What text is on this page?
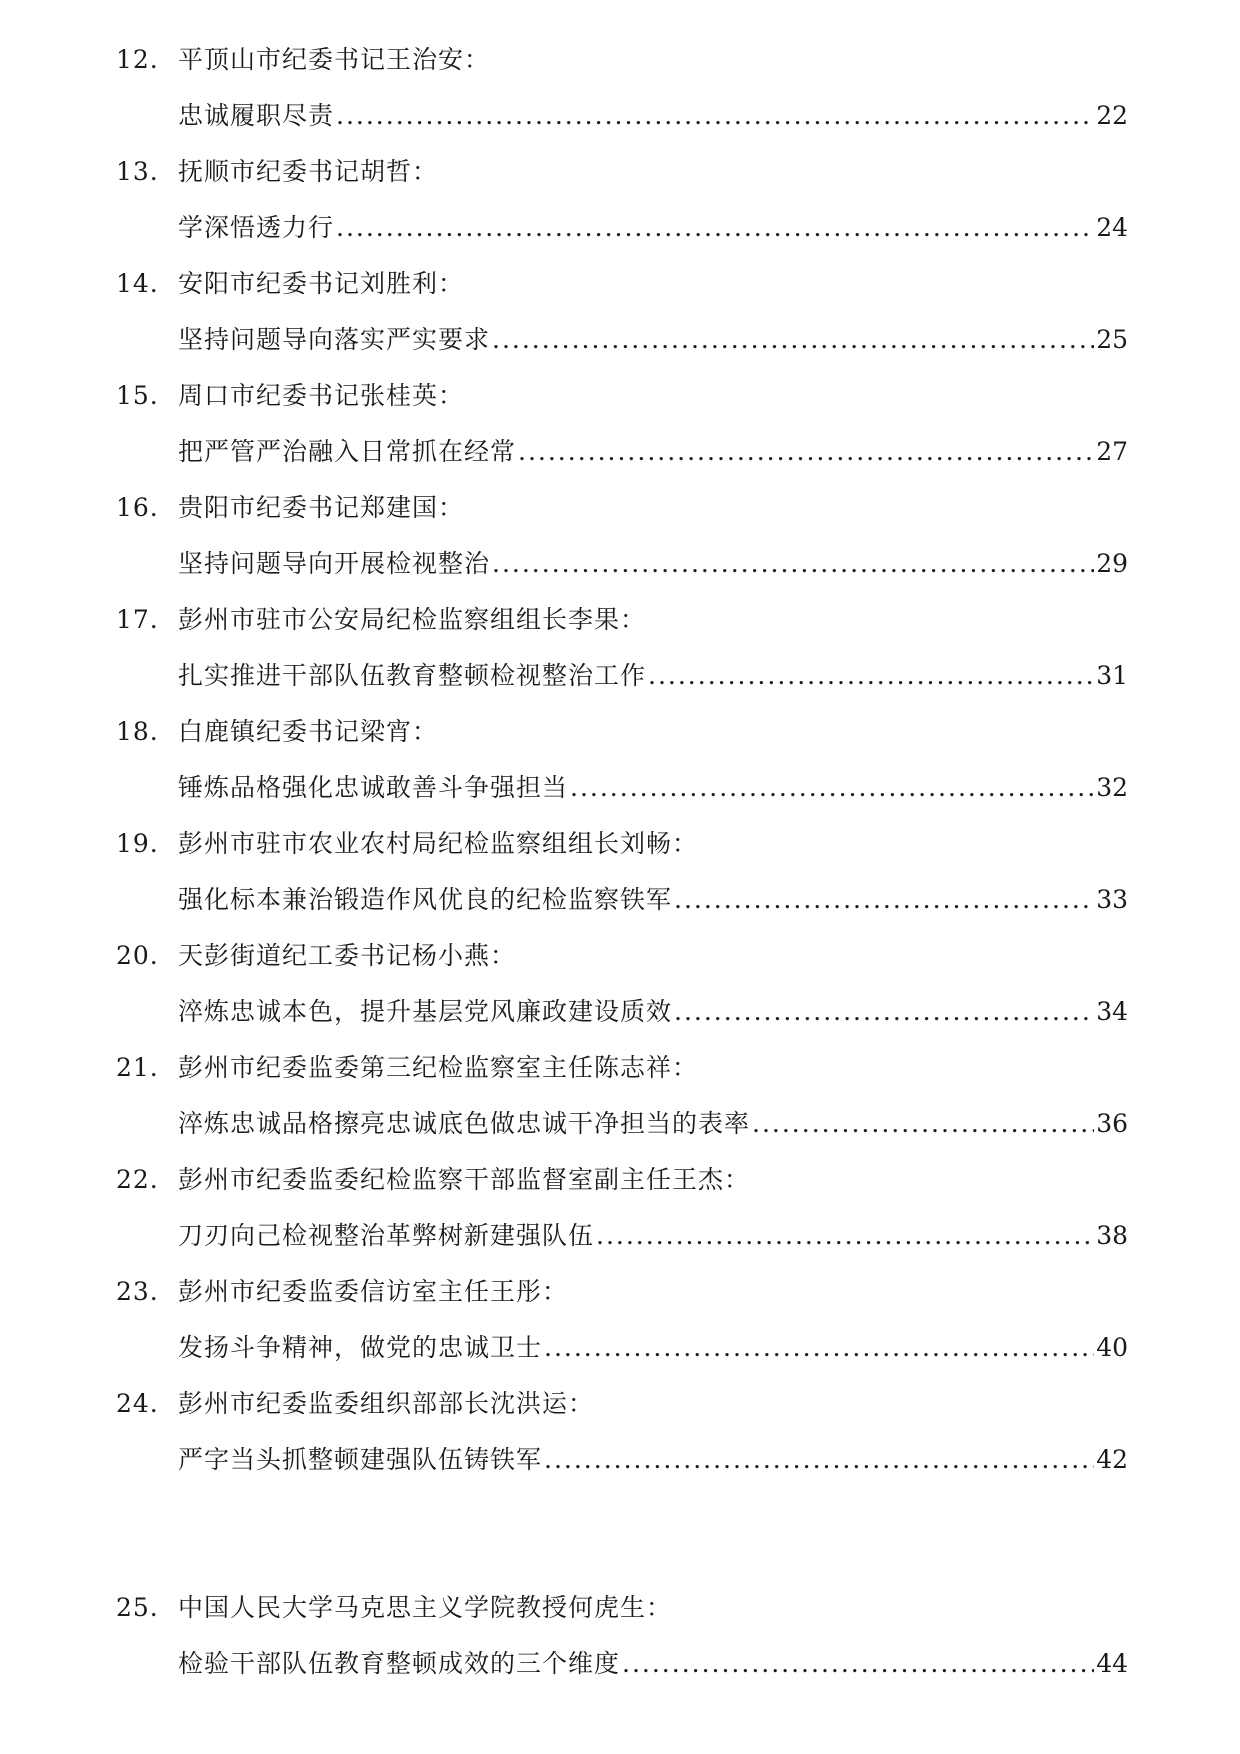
12. 平顶山市纪委书记王治安：
忠诚履职尽责 .....	22
13. 抚顺市纪委书记胡哲：
学深悟透力行 .....	24
14. 安阳市纪委书记刘胜利：
坚持问题导向落实严实要求 .....	25
15. 周口市纪委书记张桂英：
把严管严治融入日常抓在经常 .....	27
16. 贵阳市纪委书记郑建国：
坚持问题导向开展检视整治 .....	29
17. 彭州市驻市公安局纪检监察组组长李果：
扎实推进干部队伍教育整顿检视整治工作 .....	31
18. 白鹿镇纪委书记梁宵：
锤炼品格强化忠诚敢善斗争强担当 .....	32
19. 彭州市驻市农业农村局纪检监察组组长刘畅：
强化标本兼治锻造作风优良的纪检监察铁军 .....	33
20. 天彭街道纪工委书记杨小燕：
淬炼忠诚本色，提升基层党风廉政建设质效 .....	34
21. 彭州市纪委监委第三纪检监察室主任陈志祥：
淬炼忠诚品格擦亮忠诚底色做忠诚干净担当的表率 .....	36
22. 彭州市纪委监委纪检监察干部监督室副主任王杰：
刀刃向己检视整治革弊树新建强队伍 .....	38
23. 彭州市纪委监委信访室主任王彤：
发扬斗争精神，做党的忠诚卫士 .....	40
24. 彭州市纪委监委组织部部长沈洪运：
严字当头抓整顿建强队伍铸铁军 .....	42
25. 中国人民大学马克思主义学院教授何虎生：
检验干部队伍教育整顿成效的三个维度 .....	44
